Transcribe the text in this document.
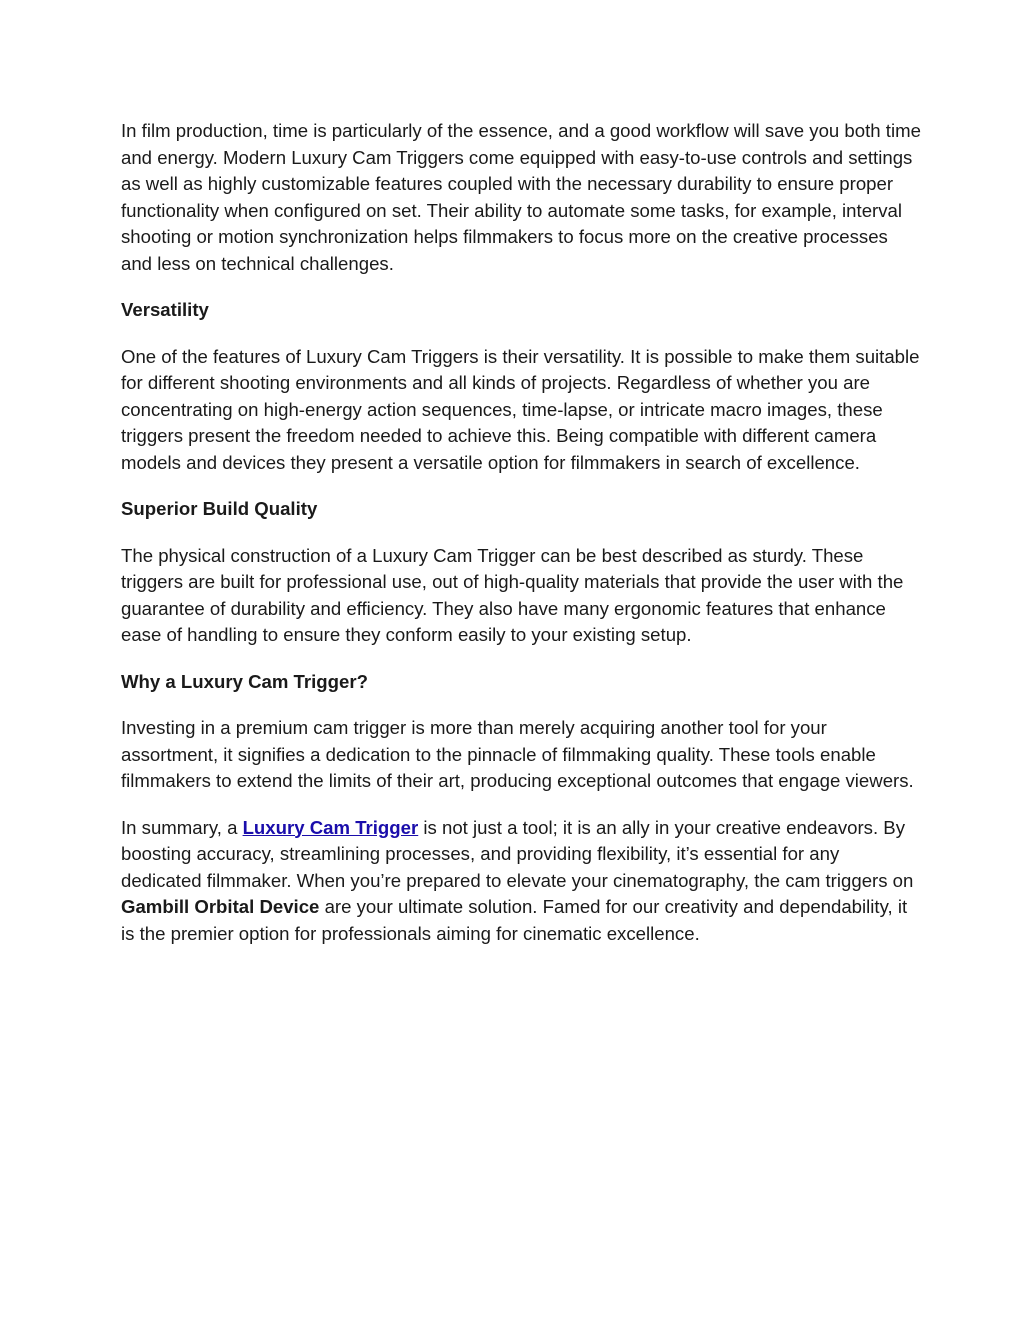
In film production, time is particularly of the essence, and a good workflow will save you both time and energy. Modern Luxury Cam Triggers come equipped with easy-to-use controls and settings as well as highly customizable features coupled with the necessary durability to ensure proper functionality when configured on set. Their ability to automate some tasks, for example, interval shooting or motion synchronization helps filmmakers to focus more on the creative processes and less on technical challenges.

Versatility

One of the features of Luxury Cam Triggers is their versatility. It is possible to make them suitable for different shooting environments and all kinds of projects. Regardless of whether you are concentrating on high-energy action sequences, time-lapse, or intricate macro images, these triggers present the freedom needed to achieve this. Being compatible with different camera models and devices they present a versatile option for filmmakers in search of excellence.

Superior Build Quality

The physical construction of a Luxury Cam Trigger can be best described as sturdy. These triggers are built for professional use, out of high-quality materials that provide the user with the guarantee of durability and efficiency. They also have many ergonomic features that enhance ease of handling to ensure they conform easily to your existing setup.

Why a Luxury Cam Trigger?

Investing in a premium cam trigger is more than merely acquiring another tool for your assortment, it signifies a dedication to the pinnacle of filmmaking quality. These tools enable filmmakers to extend the limits of their art, producing exceptional outcomes that engage viewers.

In summary, a Luxury Cam Trigger is not just a tool; it is an ally in your creative endeavors. By boosting accuracy, streamlining processes, and providing flexibility, it’s essential for any dedicated filmmaker. When you’re prepared to elevate your cinematography, the cam triggers on Gambill Orbital Device are your ultimate solution. Famed for our creativity and dependability, it is the premier option for professionals aiming for cinematic excellence.
